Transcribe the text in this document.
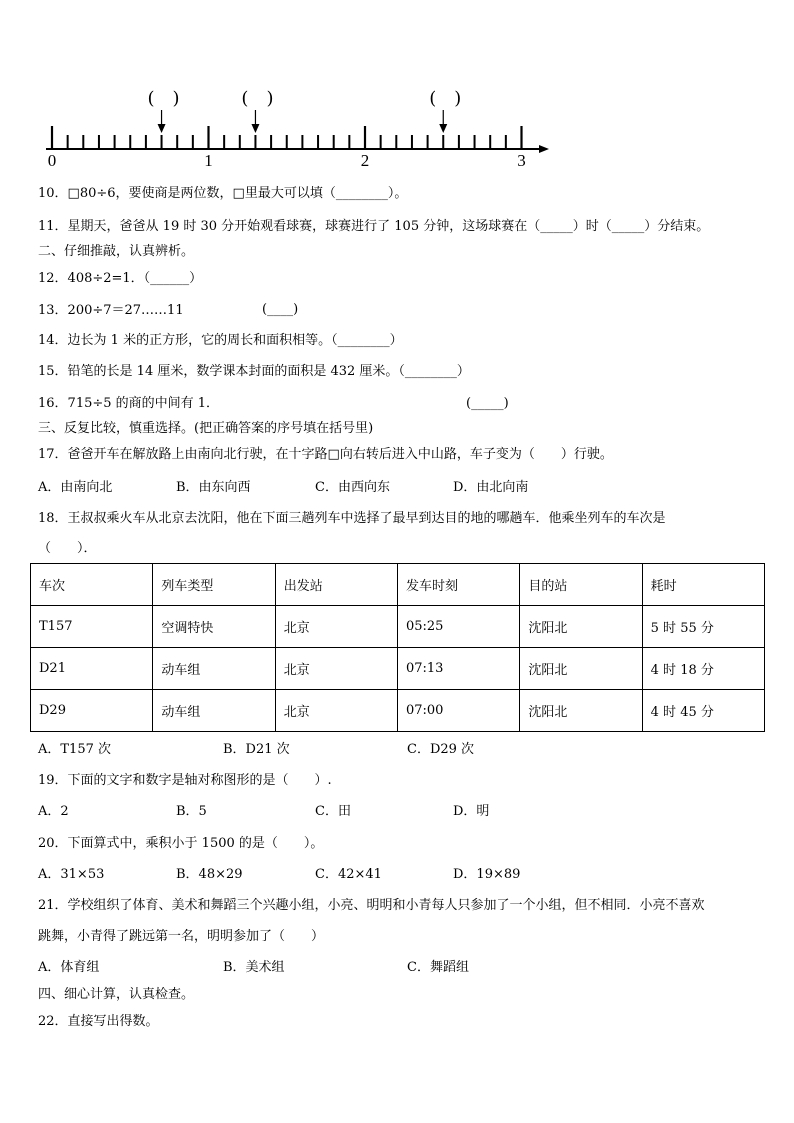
0	1	2	3
(　)	(　)	(　)
10．□80÷6，要使商是两位数，□里最大可以填（________）。
11．星期天，爸爸从 19 时 30 分开始观看球赛，球赛进行了 105 分钟，这场球赛在（_____）时（_____）分结束。
二、仔细推敲，认真辨析。
12．408÷2=1．（______）
13．200÷7＝27……11	(____)
14．边长为 1 米的正方形，它的周长和面积相等。（________）
15．铅笔的长是 14 厘米，数学课本封面的面积是 432 厘米。（________）
16．715÷5 的商的中间有 1．	(_____)
三、反复比较，慎重选择。(把正确答案的序号填在括号里)
17．爸爸开车在解放路上由南向北行驶，在十字路□向右转后进入中山路，车子变为（　　）行驶。
A．由南向北	B．由东向西	C．由西向东	D．由北向南
18．王叔叔乘火车从北京去沈阳，他在下面三趟列车中选择了最早到达目的地的哪趟车．他乘坐列车的车次是
（　　）．
车次	列车类型	出发站	发车时刻	目的站	耗时
T157	空调特快	北京	05:25	沈阳北	5 时 55 分
D21	动车组	北京	07:13	沈阳北	4 时 18 分
D29	动车组	北京	07:00	沈阳北	4 时 45 分
A．T157 次	B．D21 次	C．D29 次
19．下面的文字和数字是轴对称图形的是（　　）.
A．2	B．5	C．田	D．明
20．下面算式中，乘积小于 1500 的是（　　）。
A．31×53	B．48×29	C．42×41	D．19×89
21．学校组织了体育、美术和舞蹈三个兴趣小组，小亮、明明和小青每人只参加了一个小组，但不相同．小亮不喜欢
跳舞，小青得了跳远第一名，明明参加了（　　）
A．体育组	B．美术组	C．舞蹈组
四、细心计算，认真检查。
22．直接写出得数。
